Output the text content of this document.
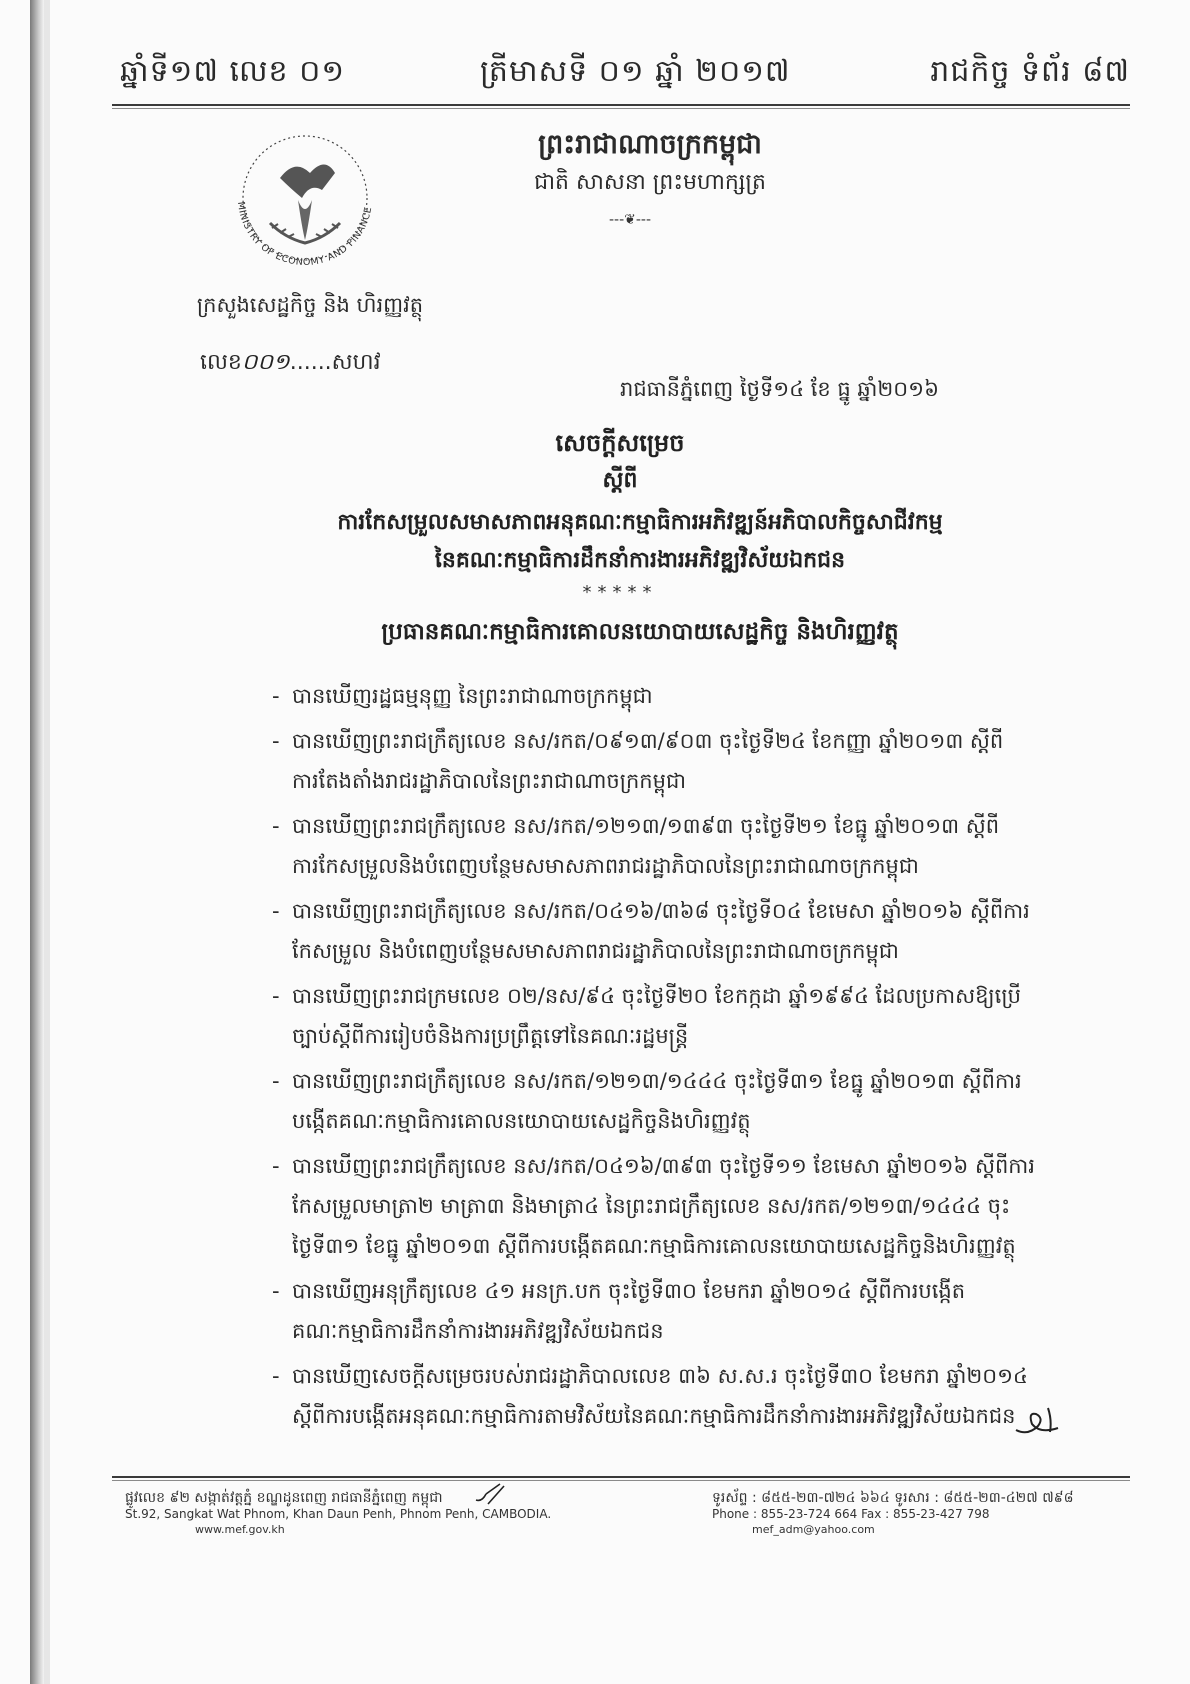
ឆ្នាំទី១៧ លេខ ០១	ត្រីមាសទី ០១ ឆ្នាំ ២០១៧	រាជកិច្ច ទំព័រ ៨៧
ព្រះរាជាណាចក្រកម្ពុជា
ជាតិ សាសនា ព្រះមហាក្សត្រ
---❦---
MINISTRY OF ECONOMY AND FINANCE
ក្រសួងសេដ្ឋកិច្ច និង ហិរញ្ញវត្ថុ
លេខ០០១......សហវ
រាជធានីភ្នំពេញ ថ្ងៃទី១៤ ខែ ធ្នូ ឆ្នាំ២០១៦
សេចក្តីសម្រេច
ស្តីពី
ការកែសម្រួលសមាសភាពអនុគណៈកម្មាធិការអភិវឌ្ឍន៍អភិបាលកិច្ចសាជីវកម្ម
នៃគណៈកម្មាធិការដឹកនាំការងារអភិវឌ្ឍវិស័យឯកជន
*****
ប្រធានគណៈកម្មាធិការគោលនយោបាយសេដ្ឋកិច្ច និងហិរញ្ញវត្ថុ
- បានឃើញរដ្ឋធម្មនុញ្ញ នៃព្រះរាជាណាចក្រកម្ពុជា
- បានឃើញព្រះរាជក្រឹត្យលេខ នស/រកត/០៩១៣/៩០៣ ចុះថ្ងៃទី២៤ ខែកញ្ញា ឆ្នាំ២០១៣ ស្តីពី
ការតែងតាំងរាជរដ្ឋាភិបាលនៃព្រះរាជាណាចក្រកម្ពុជា
- បានឃើញព្រះរាជក្រឹត្យលេខ នស/រកត/១២១៣/១៣៩៣ ចុះថ្ងៃទី២១ ខែធ្នូ ឆ្នាំ២០១៣ ស្តីពី
ការកែសម្រួលនិងបំពេញបន្ថែមសមាសភាពរាជរដ្ឋាភិបាលនៃព្រះរាជាណាចក្រកម្ពុជា
- បានឃើញព្រះរាជក្រឹត្យលេខ នស/រកត/០៤១៦/៣៦៨ ចុះថ្ងៃទី០៤ ខែមេសា ឆ្នាំ២០១៦ ស្តីពីការ
កែសម្រួល និងបំពេញបន្ថែមសមាសភាពរាជរដ្ឋាភិបាលនៃព្រះរាជាណាចក្រកម្ពុជា
- បានឃើញព្រះរាជក្រមលេខ ០២/នស/៩៤ ចុះថ្ងៃទី២០ ខែកក្កដា ឆ្នាំ១៩៩៤ ដែលប្រកាសឱ្យប្រើ
ច្បាប់ស្តីពីការរៀបចំនិងការប្រព្រឹត្តទៅនៃគណៈរដ្ឋមន្ត្រី
- បានឃើញព្រះរាជក្រឹត្យលេខ នស/រកត/១២១៣/១៤៤៤ ចុះថ្ងៃទី៣១ ខែធ្នូ ឆ្នាំ២០១៣ ស្តីពីការ
បង្កើតគណៈកម្មាធិការគោលនយោបាយសេដ្ឋកិច្ចនិងហិរញ្ញវត្ថុ
- បានឃើញព្រះរាជក្រឹត្យលេខ នស/រកត/០៤១៦/៣៩៣ ចុះថ្ងៃទី១១ ខែមេសា ឆ្នាំ២០១៦ ស្តីពីការ
កែសម្រួលមាត្រា២ មាត្រា៣ និងមាត្រា៤ នៃព្រះរាជក្រឹត្យលេខ នស/រកត/១២១៣/១៤៤៤ ចុះ
ថ្ងៃទី៣១ ខែធ្នូ ឆ្នាំ២០១៣ ស្តីពីការបង្កើតគណៈកម្មាធិការគោលនយោបាយសេដ្ឋកិច្ចនិងហិរញ្ញវត្ថុ
- បានឃើញអនុក្រឹត្យលេខ ៤១ អនក្រ.បក ចុះថ្ងៃទី៣០ ខែមករា ឆ្នាំ២០១៤ ស្តីពីការបង្កើត
គណៈកម្មាធិការដឹកនាំការងារអភិវឌ្ឍវិស័យឯកជន
- បានឃើញសេចក្តីសម្រេចរបស់រាជរដ្ឋាភិបាលលេខ ៣៦ ស.ស.រ ចុះថ្ងៃទី៣០ ខែមករា ឆ្នាំ២០១៤
ស្តីពីការបង្កើតអនុគណៈកម្មាធិការតាមវិស័យនៃគណៈកម្មាធិការដឹកនាំការងារអភិវឌ្ឍវិស័យឯកជន
ផ្លូវលេខ ៩២ សង្កាត់វត្តភ្នំ ខណ្ឌដូនពេញ រាជធានីភ្នំពេញ កម្ពុជា
St.92, Sangkat Wat Phnom, Khan Daun Penh, Phnom Penh, CAMBODIA.
www.mef.gov.kh
ទូរស័ព្ទ : ៨៥៥-២៣-៧២៤ ៦៦៤ ទូរសារ : ៨៥៥-២៣-៤២៧ ៧៩៨
Phone : 855-23-724 664 Fax : 855-23-427 798
mef_adm@yahoo.com
